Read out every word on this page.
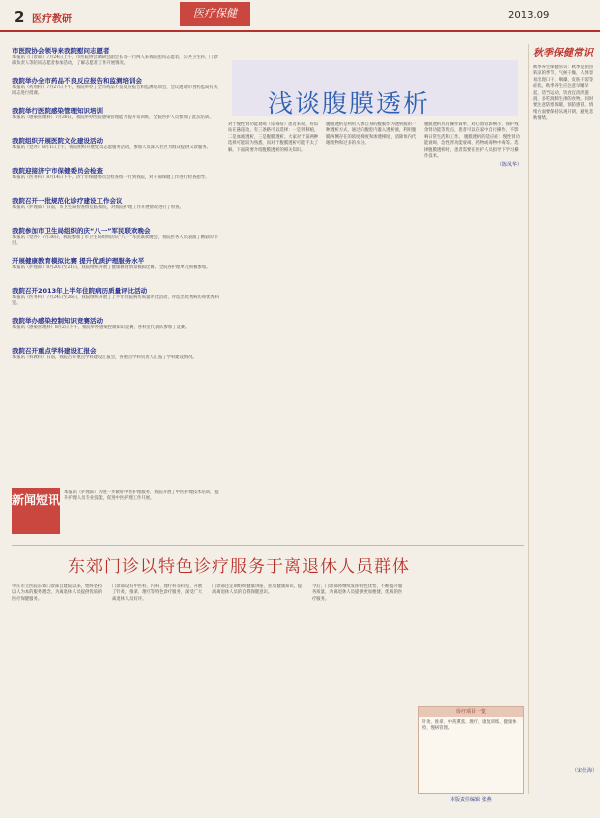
2 医疗教研	医疗保健	2013.09
市医院协会领导来我院慰问志愿者
本报讯（门诊部）7月24日上午，市医院协会调研会副会长等一行两人来我院慰问志愿者，公共卫生科、门诊部负责人等陪同志愿者参加活动，了解志愿者工作开展情况。
我院举办全市药品不良反应报告和监测培训会
本报讯（药剂科）7月27日下午，我院举办了全市药品不良反应报告和监测培训会，会议邀请市食药监局有关同志进行授课。
我院举行医院感染管理知识培训
本报讯（感染管理科）7月30日，我院举办医院感染管理能力提升培训班，全院医护人员参加了此次培训。
我院组织开展医院文化建设活动
本报讯（党办）8月1日上午，我院组织开展党员志愿服务活动，参加人员深入社区为群众提供义诊服务。
我院迎接济宁市保健委员会检查
本报讯（医务科）8月14日下午，济宁市保健委员会检查组一行到我院，对干部保健工作进行检查指导。
我院召开一批规范化诊疗建设工作会议
本报讯（护理部）日前，市卫生局检查组莅临我院，对我院护理工作开展情况进行了检查。
我院参加市卫生局组织的庆“八一”军民联欢晚会
本报讯（党办）7月30日，我院参加了市卫生局组织的庆“八一”军民联欢晚会，我院医务人员表演了精彩的节目。
开展健康教育模拟比赛 提升优质护理服务水平
本报讯（护理部）8月20日至21日，我院组织开展了健康教育情景模拟比赛，全院各护理单元积极参加。
我院召开2013年上半年住院病历质量评比活动
本报讯（医务科）7月24日至26日，我院组织开展了上半年住院病历质量评比活动，评选出优秀病历和优秀科室。
我院举办感染控制知识竞赛活动
本报讯（感染管理科）8月2日下午，我院举办感染控制知识竞赛，各科室代表队参加了竞赛。
我院召开重点学科建设汇报会
本报讯（科教科）日前，我院召开重点学科建设汇报会，各重点学科负责人汇报了学科建设情况。
新闻短讯
本报讯（护理部）为进一步做好中医护理服务，我院开展了中医护理技术培训，提升护理人员专业技能，促进中医护理工作开展。
浅谈腹膜透析
对于慢性肾功能衰竭（尿毒症）患者来说，好似站在悬崖边，有三条路可以选择：一是肾移植，二是血液透析，三是腹膜透析。大家对于前两种选择可能较为熟悉，而对于腹膜透析可能不太了解。下面简要介绍腹膜透析的相关知识。
腹膜透析是利用人体自身的腹膜作为透析膜的一种透析方式，通过向腹腔内灌入透析液，利用腹膜两侧存在的浓度梯度和渗透梯度，清除体内代谢废物和过多的水分。
腹膜透析具有操作简单、对心血管影响小、保护残余肾功能等优点，患者可以在家中自行操作，不影响日常生活和工作。 腹膜透析的适应症：慢性肾功能衰竭、急性肾功能衰竭、药物或毒物中毒等。选择腹膜透析时，患者需要在医护人员指导下学习操作技术。
（陈凤华）
秋季保健常识
秋季养生保健常识：秋季是由热转凉的季节，气候干燥，人体容易出现口干、咽燥、皮肤干裂等症状。秋季养生应注意早睡早起，适当运动，饮食宜清淡滋润，多吃润肺生津的食物。同时要注意防寒保暖，预防感冒。情绪方面要保持乐观开朗，避免悲秋情绪。
（宋仕海）
东郊门诊以特色诊疗服务于离退休人员群体
枣庄市立医院东郊门诊部自建院以来，始终坚持以人为本的服务理念，为离退休人员提供优质的医疗保健服务。
门诊部设有中医科、内科、理疗科等科室，开展了针灸、推拿、理疗等特色诊疗服务，深受广大离退休人员好评。
门诊部还定期组织健康讲座，普及健康知识，提高离退休人员的自我保健意识。
今后，门诊部将继续发挥特色优势，不断提升服务质量，为离退休人员提供更加便捷、优质的医疗服务。
诊疗项目一览
针灸、推拿、中药熏蒸、理疗、康复训练、健康体检、慢病管理。
本版责任编辑 张燕
